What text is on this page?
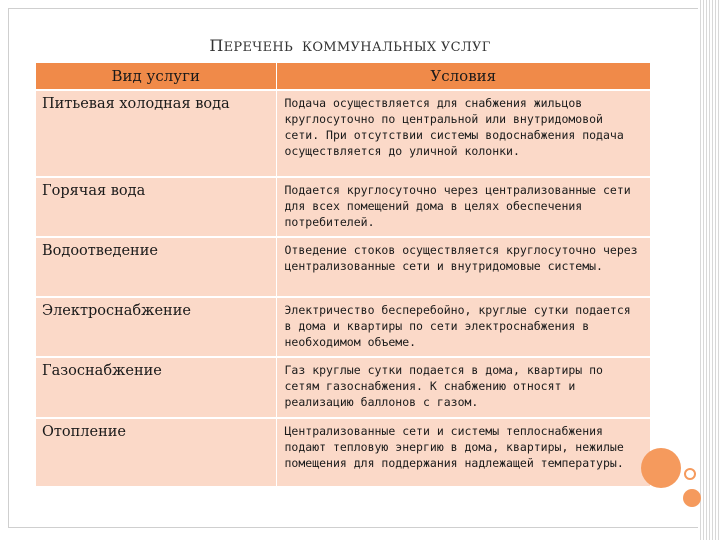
ПЕРЕЧЕНЬ КОММУНАЛЬНЫХ УСЛУГ
Вид услуги	Условия
Питьевая холодная вода	Подача осуществляется для снабжения жильцов круглосуточно по центральной или внутридомовой сети. При отсутствии системы водоснабжения подача осуществляется до уличной колонки.
Горячая вода	Подается круглосуточно через централизованные сети для всех помещений дома в целях обеспечения потребителей.
Водоотведение	Отведение стоков осуществляется круглосуточно через централизованные сети и внутридомовые системы.
Электроснабжение	Электричество бесперебойно, круглые сутки подается в дома и квартиры по сети электроснабжения в необходимом объеме.
Газоснабжение	Газ круглые сутки подается в дома, квартиры по сетям газоснабжения. К снабжению относят и реализацию баллонов с газом.
Отопление	Централизованные сети и системы теплоснабжения подают тепловую энергию в дома, квартиры, нежилые помещения для поддержания надлежащей температуры.
